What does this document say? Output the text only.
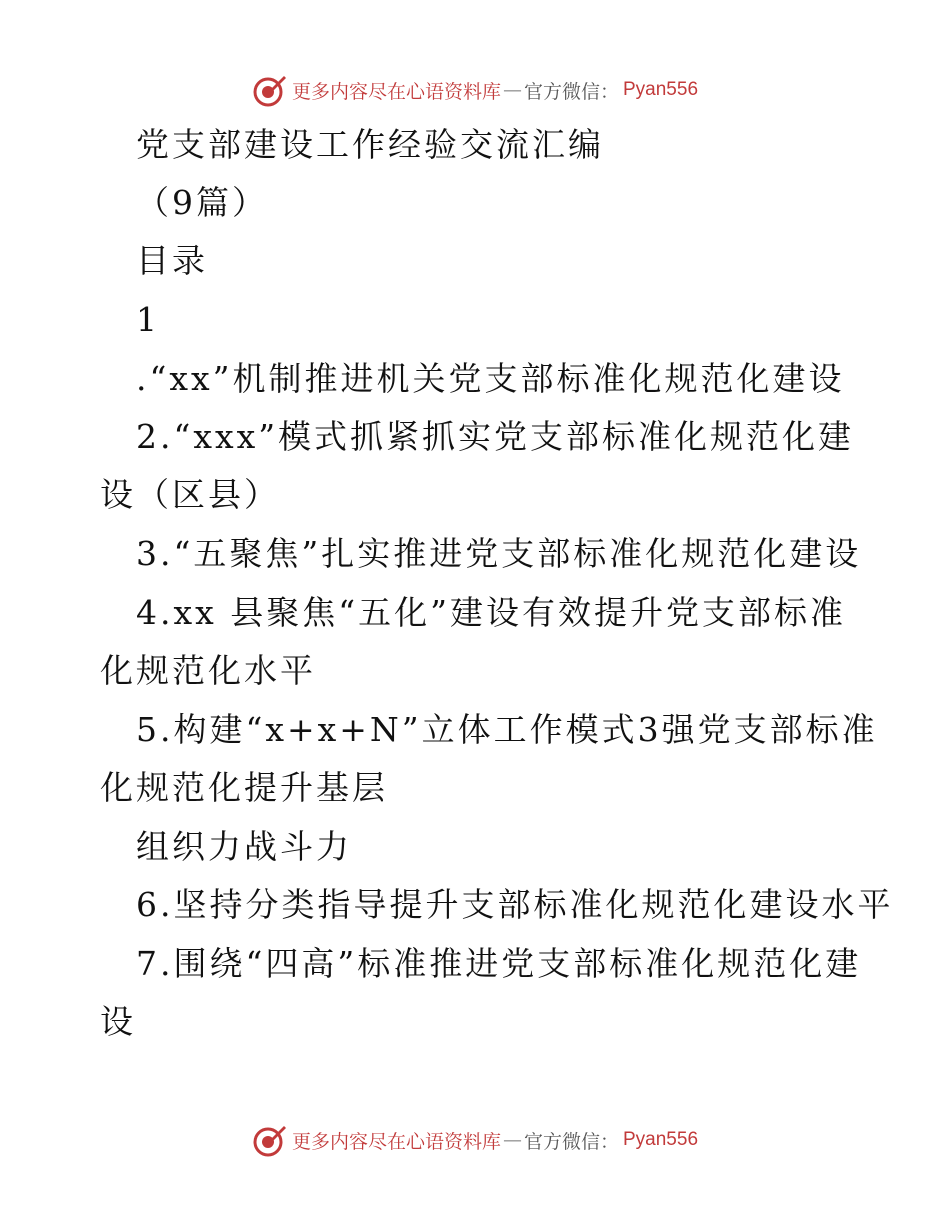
更多内容尽在心语资料库 — 官方微信： Pyan556
党支部建设工作经验交流汇编
（9篇）
目录
1
.“xx”机制推进机关党支部标准化规范化建设
2.“xxx”模式抓紧抓实党支部标准化规范化建
设（区县）
3.“五聚焦”扎实推进党支部标准化规范化建设
4.xx 县聚焦“五化”建设有效提升党支部标准
化规范化水平
5.构建“x+x+N”立体工作模式3强党支部标准
化规范化提升基层
组织力战斗力
6.坚持分类指导提升支部标准化规范化建设水平
7.围绕“四高”标准推进党支部标准化规范化建
设
更多内容尽在心语资料库 — 官方微信： Pyan556
